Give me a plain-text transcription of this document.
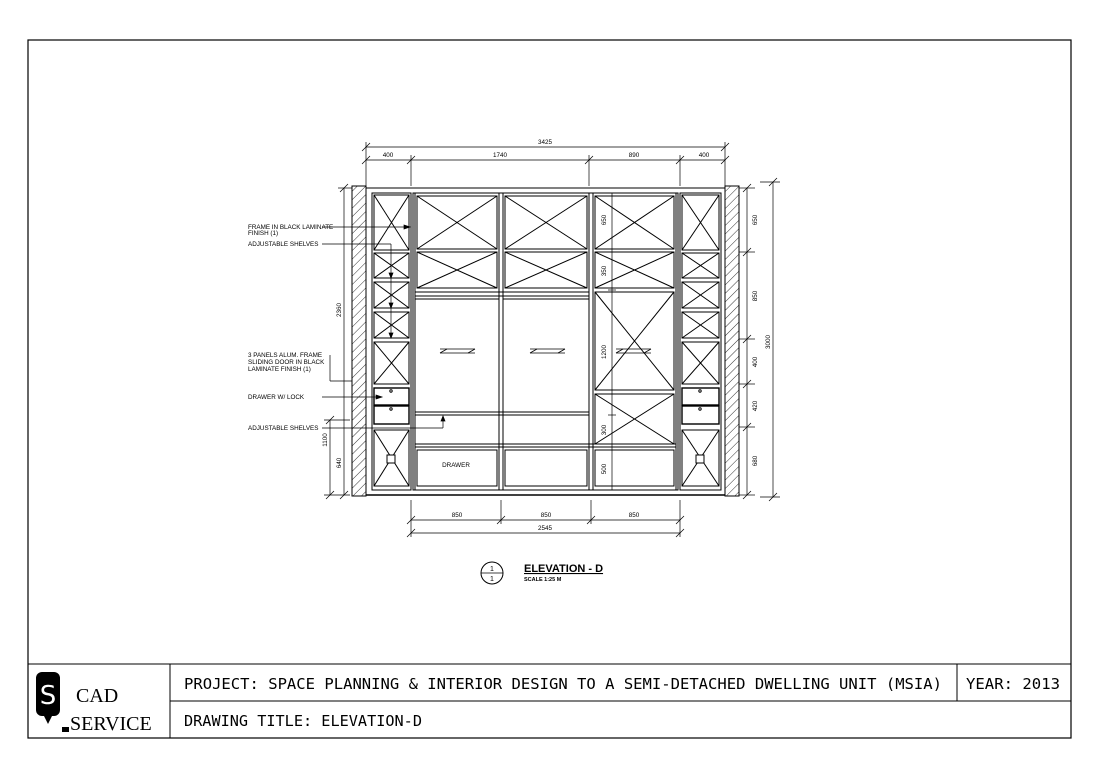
3425
400	1740	890	400
850	850	850
2545
2360
1100
640
3000
650
850
400
420
680
650
350
1200
300
500
FRAME IN BLACK LAMINATE
FINISH (1)
ADJUSTABLE SHELVES
3 PANELS ALUM. FRAME
SLIDING DOOR IN BLACK
LAMINATE FINISH (1)
DRAWER W/ LOCK
ADJUSTABLE SHELVES
DRAWER
1
1
ELEVATION - D
SCALE 1:25 M
S CAD
SERVICE
PROJECT: SPACE PLANNING & INTERIOR DESIGN TO A SEMI-DETACHED DWELLING UNIT (MSIA) YEAR: 2013
DRAWING TITLE: ELEVATION-D
